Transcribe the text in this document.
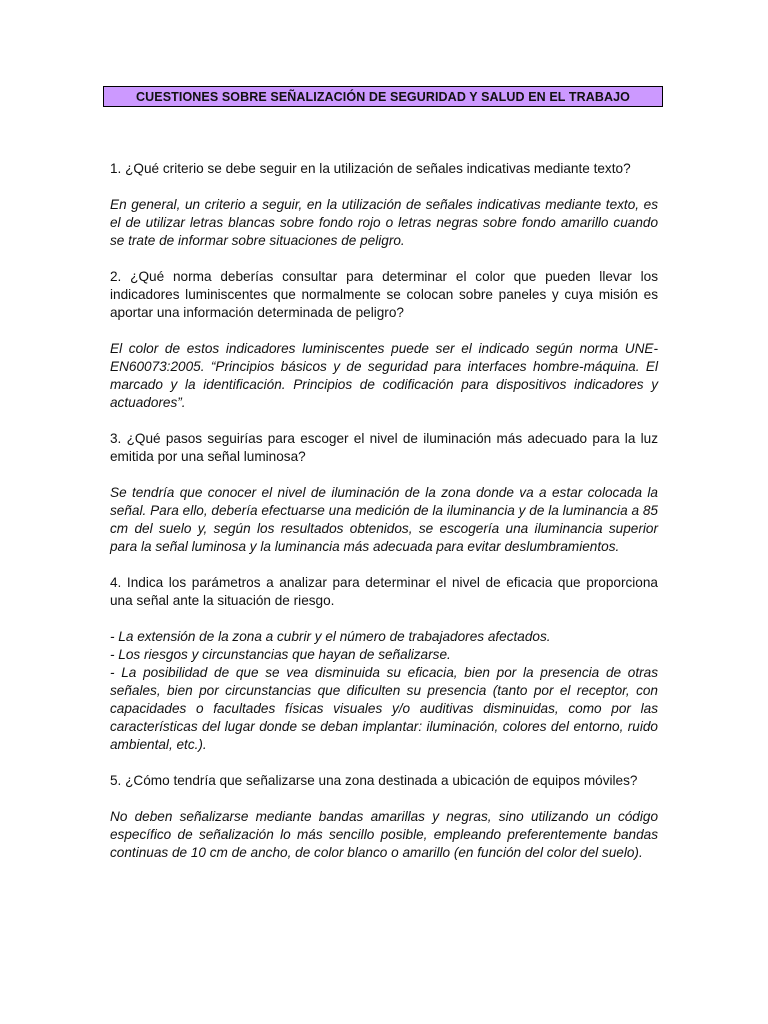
CUESTIONES SOBRE SEÑALIZACIÓN DE SEGURIDAD Y SALUD EN EL TRABAJO

1. ¿Qué criterio se debe seguir en la utilización de señales indicativas mediante texto?

En general, un criterio a seguir, en la utilización de señales indicativas mediante texto, es el de utilizar letras blancas sobre fondo rojo o letras negras sobre fondo amarillo cuando se trate de informar sobre situaciones de peligro.

2. ¿Qué norma deberías consultar para determinar el color que pueden llevar los indicadores luminiscentes que normalmente se colocan sobre paneles y cuya misión es aportar una información determinada de peligro?

El color de estos indicadores luminiscentes puede ser el indicado según norma UNE-EN60073:2005. “Principios básicos y de seguridad para interfaces hombre-máquina. El marcado y la identificación. Principios de codificación para dispositivos indicadores y actuadores”.

3. ¿Qué pasos seguirías para escoger el nivel de iluminación más adecuado para la luz emitida por una señal luminosa?

Se tendría que conocer el nivel de iluminación de la zona donde va a estar colocada la señal. Para ello, debería efectuarse una medición de la iluminancia y de la luminancia a 85 cm del suelo y, según los resultados obtenidos, se escogería una iluminancia superior para la señal luminosa y la luminancia más adecuada para evitar deslumbramientos.

4. Indica los parámetros a analizar para determinar el nivel de eficacia que proporciona una señal ante la situación de riesgo.

- La extensión de la zona a cubrir y el número de trabajadores afectados.
- Los riesgos y circunstancias que hayan de señalizarse.
- La posibilidad de que se vea disminuida su eficacia, bien por la presencia de otras señales, bien por circunstancias que dificulten su presencia (tanto por el receptor, con capacidades o facultades físicas visuales y/o auditivas disminuidas, como por las características del lugar donde se deban implantar: iluminación, colores del entorno, ruido ambiental, etc.).

5. ¿Cómo tendría que señalizarse una zona destinada a ubicación de equipos móviles?

No deben señalizarse mediante bandas amarillas y negras, sino utilizando un código específico de señalización lo más sencillo posible, empleando preferentemente bandas continuas de 10 cm de ancho, de color blanco o amarillo (en función del color del suelo).
